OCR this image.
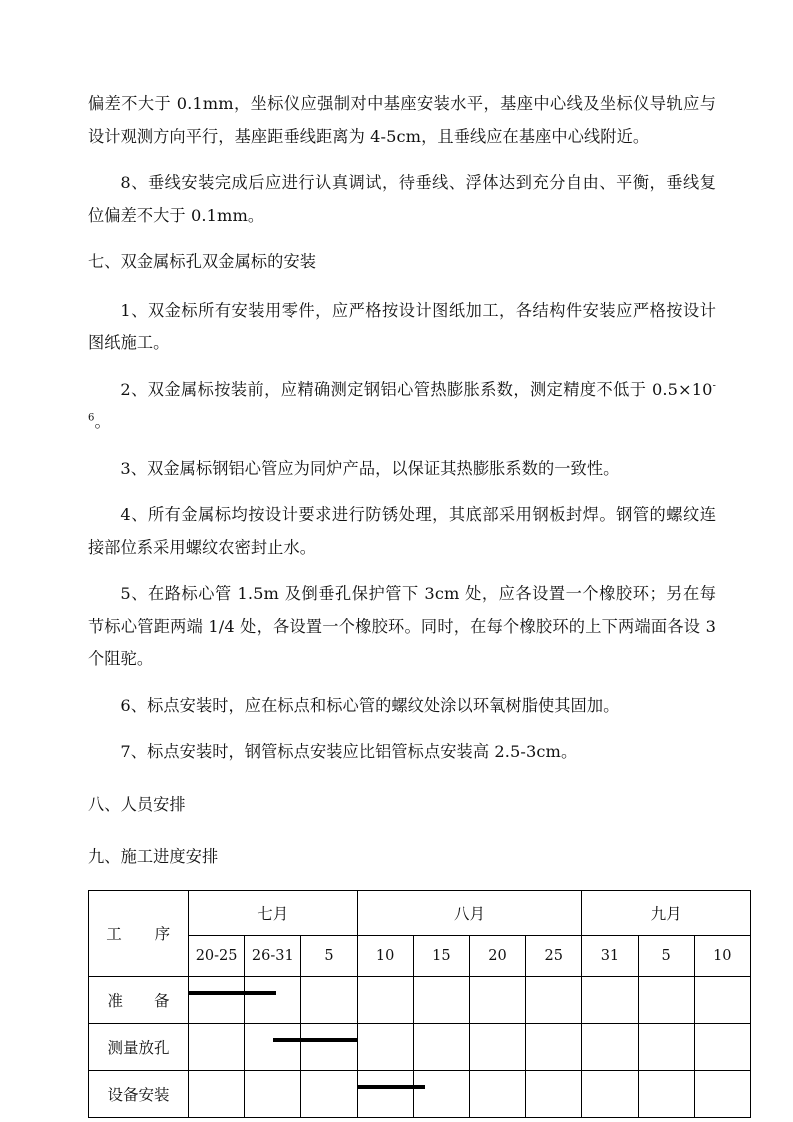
偏差不大于 0.1mm，坐标仪应强制对中基座安装水平，基座中心线及坐标仪导轨应与设计观测方向平行，基座距垂线距离为 4-5cm，且垂线应在基座中心线附近。

8、垂线安装完成后应进行认真调试，待垂线、浮体达到充分自由、平衡，垂线复位偏差不大于 0.1mm。

七、双金属标孔双金属标的安装

1、双金标所有安装用零件，应严格按设计图纸加工，各结构件安装应严格按设计图纸施工。

2、双金属标按装前，应精确测定钢铝心管热膨胀系数，测定精度不低于 $0.5\times 10^{-6}$。

3、双金属标钢铝心管应为同炉产品，以保证其热膨胀系数的一致性。

4、所有金属标均按设计要求进行防锈处理，其底部采用钢板封焊。钢管的螺纹连接部位系采用螺纹农密封止水。

5、在路标心管 1.5m 及倒垂孔保护管下 3cm 处，应各设置一个橡胶环；另在每节标心管距两端 1/4 处，各设置一个橡胶环。同时，在每个橡胶环的上下两端面各设 3 个阻驼。

6、标点安装时，应在标点和标心管的螺纹处涂以环氧树脂使其固加。

7、标点安装时，钢管标点安装应比铝管标点安装高 2.5-3cm。

八、人员安排

九、施工进度安排

工　　序	七月			八月				九月		
	20-25	26-31	5	10	15	20	25	31	5	10
准　　备	

测量放孔	

设备安装	
